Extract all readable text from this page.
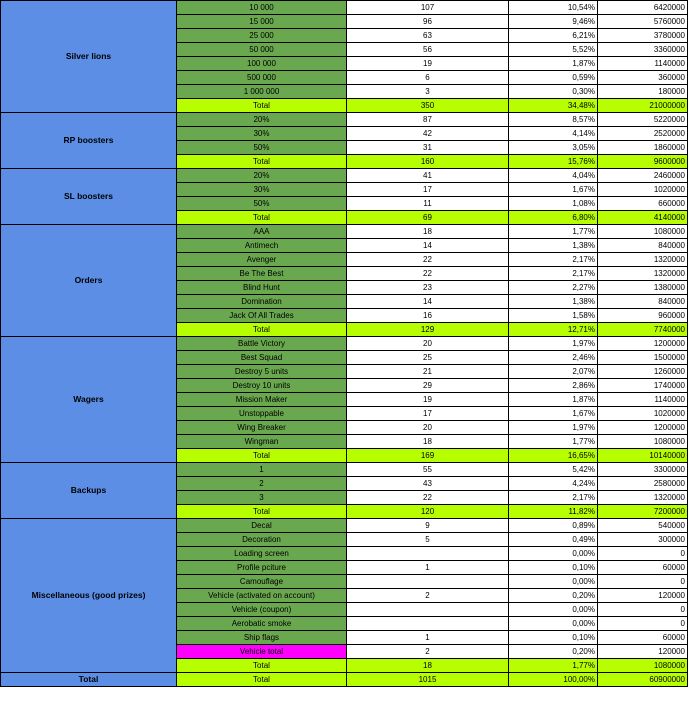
Silver lions	10 000	107	10,54%	6420000
	15 000	96	9,46%	5760000
	25 000	63	6,21%	3780000
	50 000	56	5,52%	3360000
	100 000	19	1,87%	1140000
	500 000	6	0,59%	360000
	1 000 000	3	0,30%	180000
	Total	350	34,48%	21000000
RP boosters	20%	87	8,57%	5220000
	30%	42	4,14%	2520000
	50%	31	3,05%	1860000
	Total	160	15,76%	9600000
SL boosters	20%	41	4,04%	2460000
	30%	17	1,67%	1020000
	50%	11	1,08%	660000
	Total	69	6,80%	4140000
Orders	AAA	18	1,77%	1080000
	Antimech	14	1,38%	840000
	Avenger	22	2,17%	1320000
	Be The Best	22	2,17%	1320000
	Blind Hunt	23	2,27%	1380000
	Domination	14	1,38%	840000
	Jack Of All Trades	16	1,58%	960000
	Total	129	12,71%	7740000
Wagers	Battle Victory	20	1,97%	1200000
	Best Squad	25	2,46%	1500000
	Destroy 5 units	21	2,07%	1260000
	Destroy 10 units	29	2,86%	1740000
	Mission Maker	19	1,87%	1140000
	Unstoppable	17	1,67%	1020000
	Wing Breaker	20	1,97%	1200000
	Wingman	18	1,77%	1080000
	Total	169	16,65%	10140000
Backups	1	55	5,42%	3300000
	2	43	4,24%	2580000
	3	22	2,17%	1320000
	Total	120	11,82%	7200000
Miscellaneous (good prizes)	Decal	9	0,89%	540000
	Decoration	5	0,49%	300000
	Loading screen		0,00%	0
	Profile pciture	1	0,10%	60000
	Camouflage		0,00%	0
	Vehicle (activated on account)	2	0,20%	120000
	Vehicle (coupon)		0,00%	0
	Aerobatic smoke		0,00%	0
	Ship flags	1	0,10%	60000
	Vehicle total	2	0,20%	120000
	Total	18	1,77%	1080000
Total	Total	1015	100,00%	60900000
